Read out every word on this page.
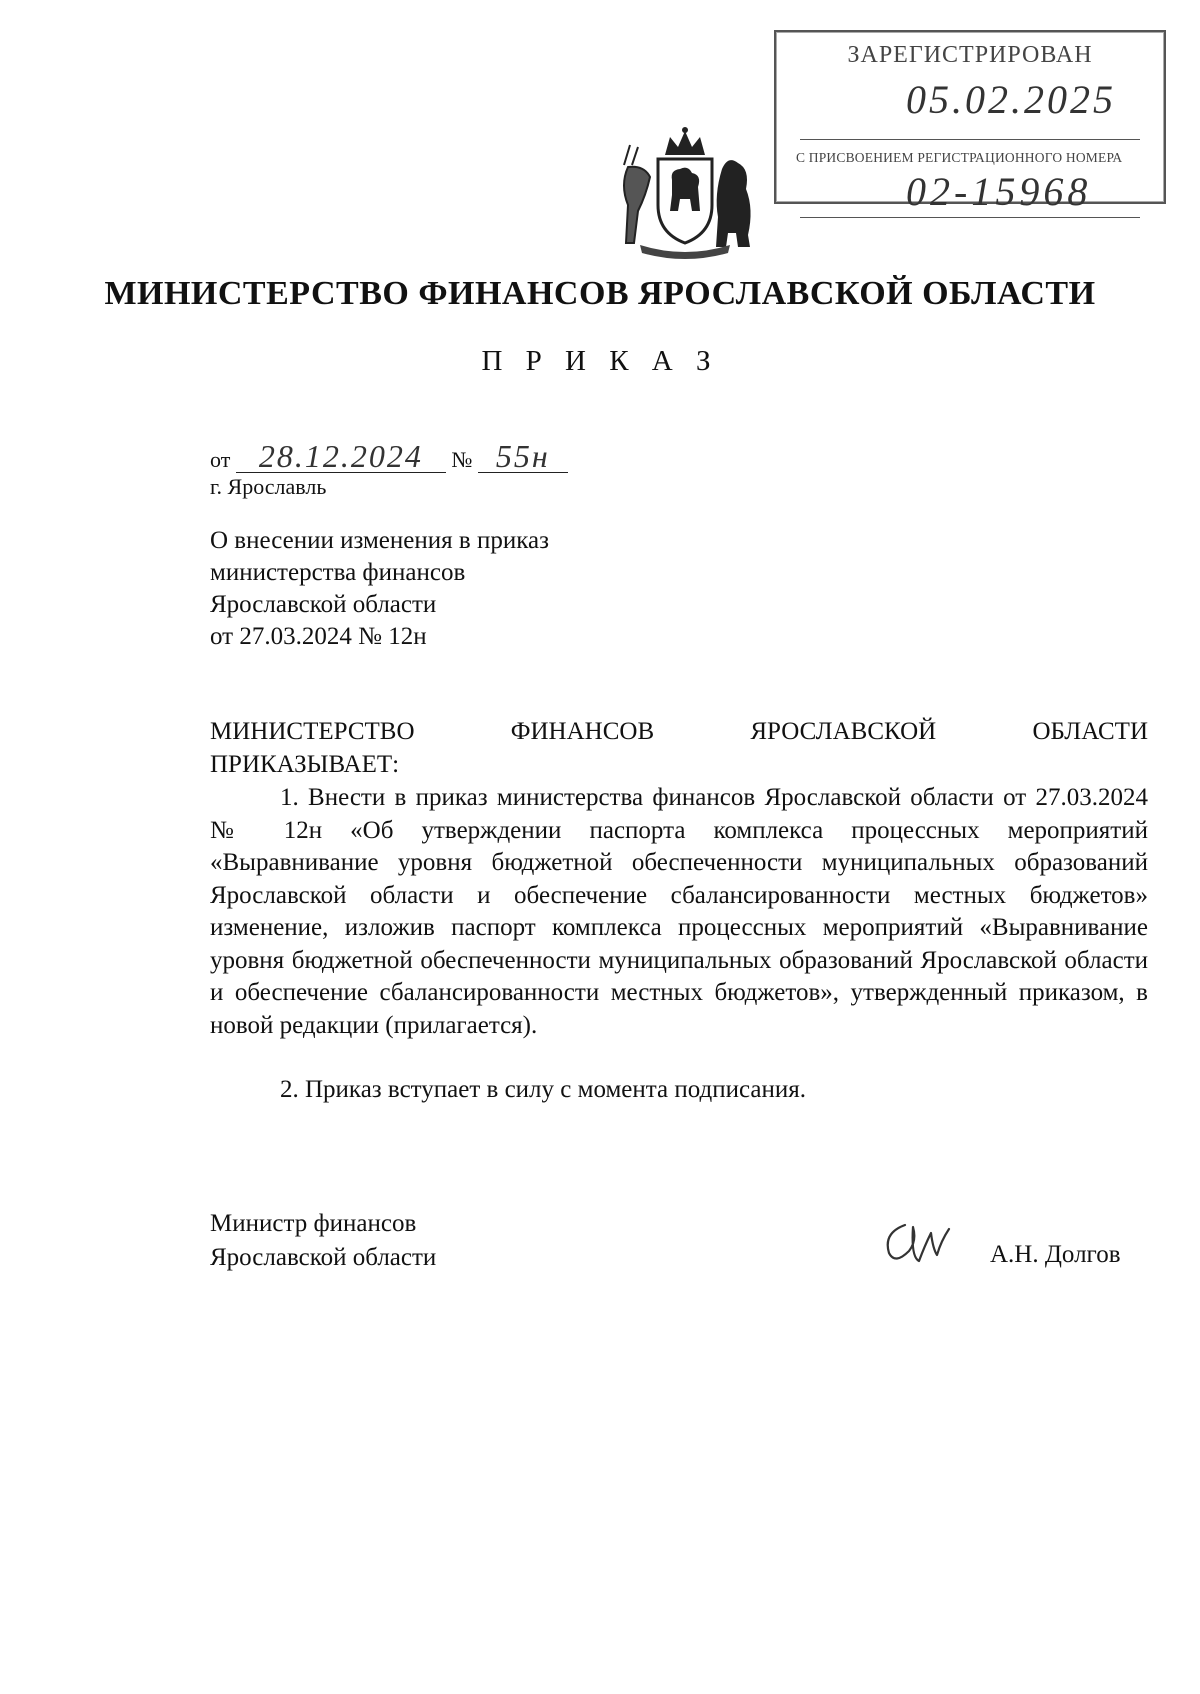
ЗАРЕГИСТРИРОВАН
05.02.2025
С ПРИСВОЕНИЕМ РЕГИСТРАЦИОННОГО НОМЕРА
02-15968
МИНИСТЕРСТВО ФИНАНСОВ ЯРОСЛАВСКОЙ ОБЛАСТИ
П Р И К А З
от 28.12.2024 № 55н
г. Ярославль
О внесении изменения в приказ
министерства финансов
Ярославской области
от 27.03.2024 № 12н
МИНИСТЕРСТВО ФИНАНСОВ ЯРОСЛАВСКОЙ ОБЛАСТИ
ПРИКАЗЫВАЕТ:

1. Внести в приказ министерства финансов Ярославской области от 27.03.2024 № 12н «Об утверждении паспорта комплекса процессных мероприятий «Выравнивание уровня бюджетной обеспеченности муниципальных образований Ярославской области и обеспечение сбалансированности местных бюджетов» изменение, изложив паспорт комплекса процессных мероприятий «Выравнивание уровня бюджетной обеспеченности муниципальных образований Ярославской области и обеспечение сбалансированности местных бюджетов», утвержденный приказом, в новой редакции (прилагается).

2. Приказ вступает в силу с момента подписания.

Министр финансов
Ярославской области	А.Н. Долгов
